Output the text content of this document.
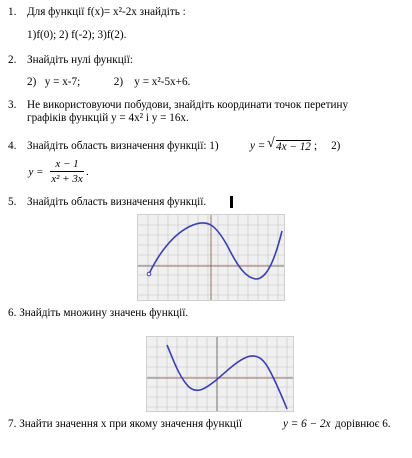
1. Для функції f(x)= x²-2x знайдіть :
1)f(0); 2) f(-2); 3)f(2).
2. Знайдіть нулі функції:
2)   y = x-7;            2)    y = x²-5x+6.
3. Не використовуючи побудови, знайдіть координати точок перетину
графіків функцій y = 4x² і y = 16x.
4. Знайдіть область визначення функції: 1)	y = √ 4x − 12 ;     2)
y =
x − 1
x² + 3x
.
5. Знайдіть область визначення функції.
6. Знайдіть множину значень функції.
7. Знайти значення х при якому значення функції	y = 6 − 2x дорівнює 6.
